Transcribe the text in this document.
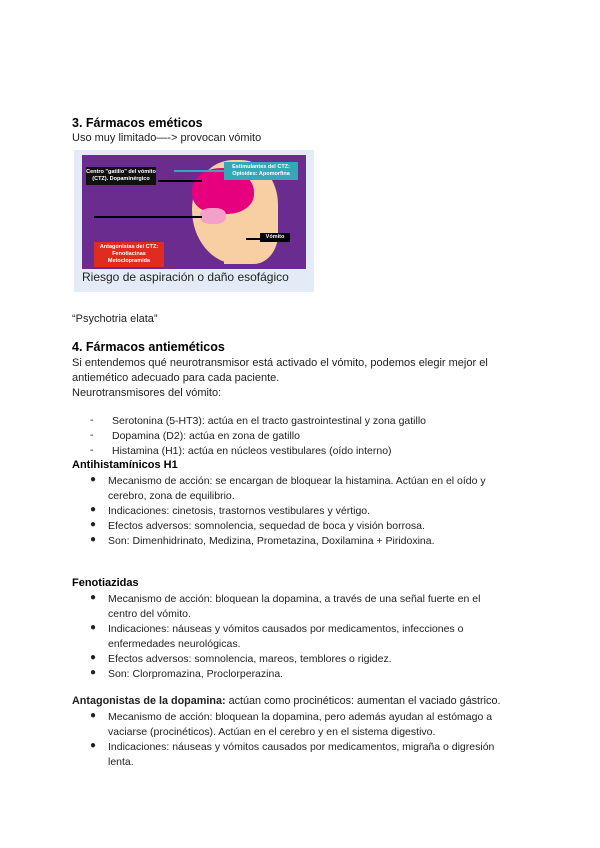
3. Fármacos eméticos
Uso muy limitado—-> provocan vómito
Centro "gatillo" del vómito (CTZ). Dopaminérgico
Estimulantes del CTZ: Opioides: Apomorfina
Vómito
Antagonistas del CTZ: Fenotiacinas Metoclopramida
Riesgo de aspiración o daño esofágico
“Psychotria elata”
4. Fármacos antieméticos
Si entendemos qué neurotransmisor está activado el vómito, podemos elegir mejor el
antiemético adecuado para cada paciente.
Neurotransmisores del vómito:
- Serotonina (5-HT3): actúa en el tracto gastrointestinal y zona gatillo
- Dopamina (D2): actúa en zona de gatillo
- Histamina (H1): actúa en núcleos vestibulares (oído interno)
Antihistamínicos H1
● Mecanismo de acción: se encargan de bloquear la histamina. Actúan en el oído y
cerebro, zona de equilibrio.
● Indicaciones: cinetosis, trastornos vestibulares y vértigo.
● Efectos adversos: somnolencia, sequedad de boca y visión borrosa.
● Son: Dimenhidrinato, Medizina, Prometazina, Doxilamina + Piridoxina.
Fenotiazidas
● Mecanismo de acción: bloquean la dopamina, a través de una señal fuerte en el
centro del vómito.
● Indicaciones: náuseas y vómitos causados por medicamentos, infecciones o
enfermedades neurológicas.
● Efectos adversos: somnolencia, mareos, temblores o rigidez.
● Son: Clorpromazina, Proclorperazina.
Antagonistas de la dopamina: actúan como procinéticos: aumentan el vaciado gástrico.
● Mecanismo de acción: bloquean la dopamina, pero además ayudan al estómago a
vaciarse (procinéticos). Actúan en el cerebro y en el sistema digestivo.
● Indicaciones: náuseas y vómitos causados por medicamentos, migraña o digresión
lenta.
